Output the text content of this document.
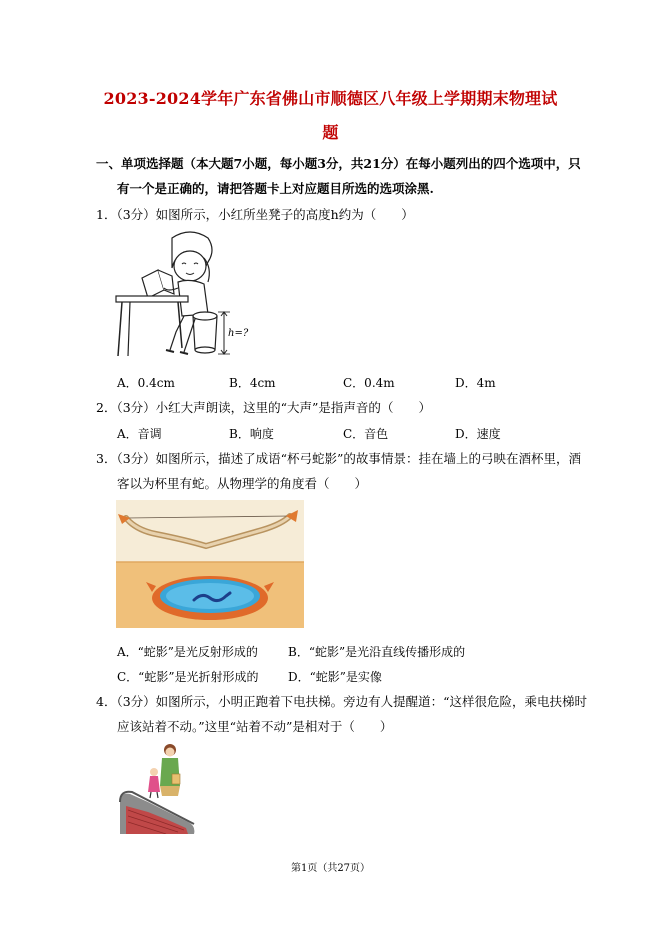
2023-2024学年广东省佛山市顺德区八年级上学期期末物理试
题
一、单项选择题（本大题7小题，每小题3分，共21分）在每小题列出的四个选项中，只
有一个是正确的，请把答题卡上对应题目所选的选项涂黑.
1．（3分）如图所示，小红所坐凳子的高度h约为（　　）
h=?
A．0.4cm	B．4cm	C．0.4m	D．4m
2．（3分）小红大声朗读，这里的“大声”是指声音的（　　）
A．音调	B．响度	C．音色	D．速度
3．（3分）如图所示，描述了成语“杯弓蛇影”的故事情景：挂在墙上的弓映在酒杯里，酒
客以为杯里有蛇。从物理学的角度看（　　）
A．“蛇影”是光反射形成的	B．“蛇影”是光沿直线传播形成的
C．“蛇影”是光折射形成的 D．“蛇影”是实像
4．（3分）如图所示，小明正跑着下电扶梯。旁边有人提醒道：“这样很危险，乘电扶梯时
应该站着不动。”这里“站着不动”是相对于（　　）
第1页（共27页）
